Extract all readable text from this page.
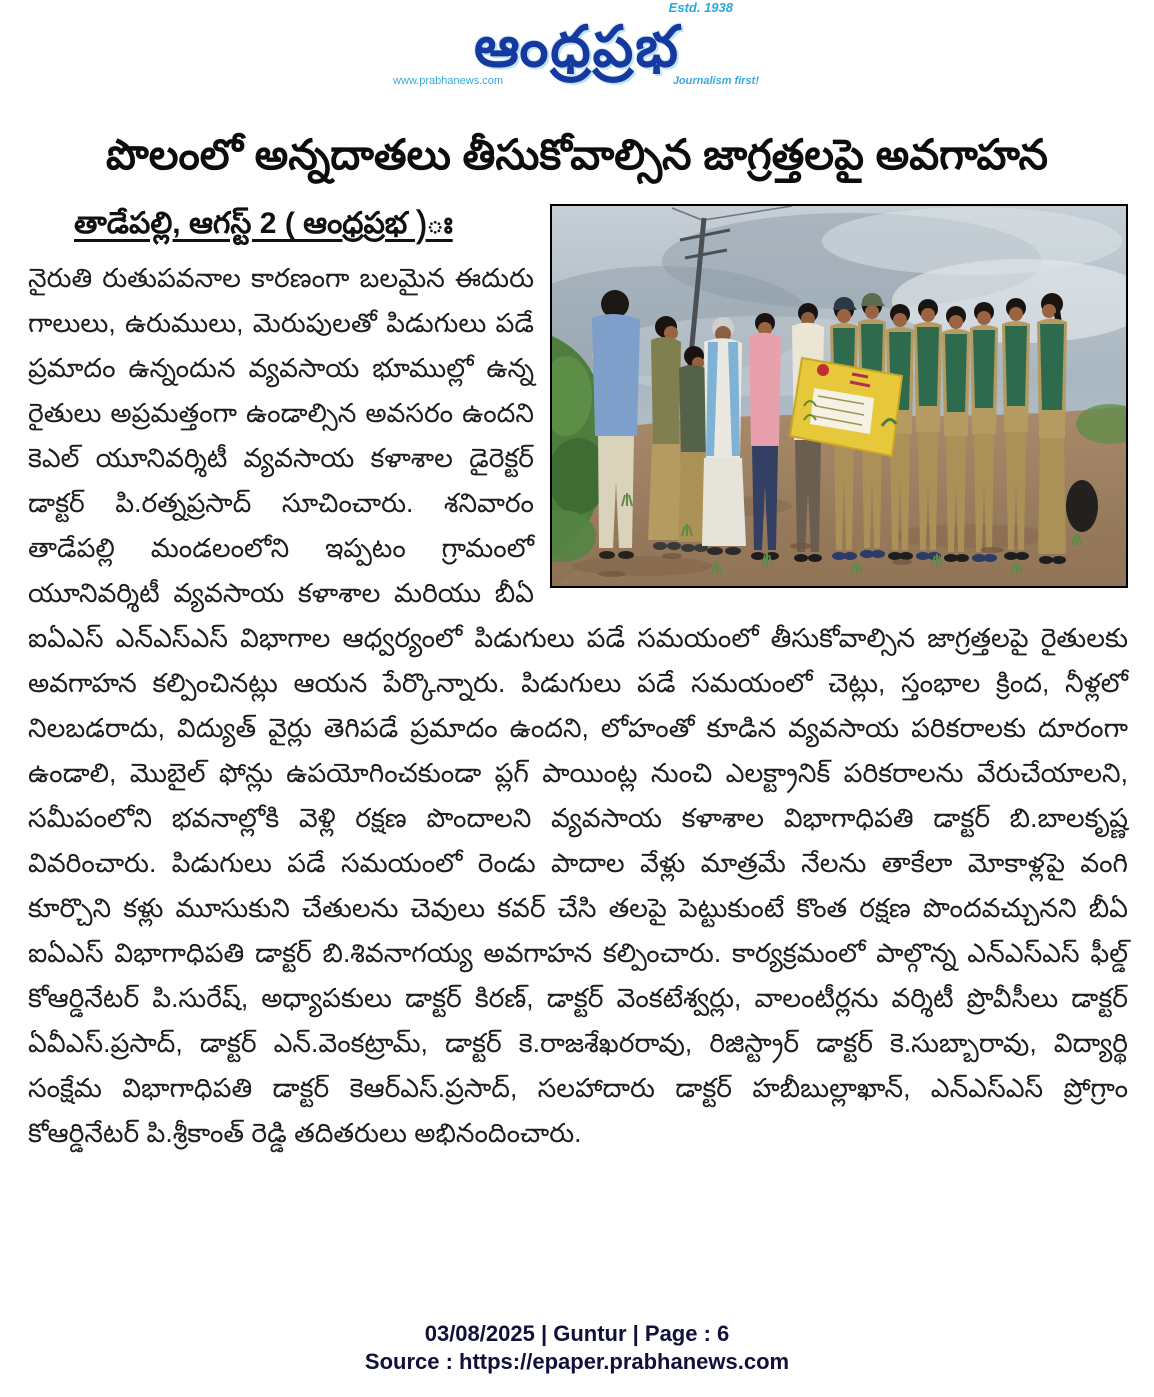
Estd. 1938
ఆంధ్రప్రభ
www.prabhanews.com	Journalism first!
పొలంలో అన్నదాతలు తీసుకోవాల్సిన జాగ్రత్తలపై అవగాహన
తాడేపల్లి, ఆగస్ట్ 2 ( ఆంధ్రప్రభ )ః

నైరుతి రుతుపవనాల కారణంగా బలమైన ఈదురు గాలులు, ఉరుములు, మెరుపులతో పిడుగులు పడే ప్రమాదం ఉన్నందున వ్యవసాయ భూముల్లో ఉన్న రైతులు అప్రమత్తంగా ఉండాల్సిన అవసరం ఉందని కెఎల్ యూనివర్శిటీ వ్యవసాయ కళాశాల డైరెక్టర్ డాక్టర్ పి.రత్నప్రసాద్ సూచించారు. శనివారం తాడేపల్లి మండలంలోని ఇప్పటం గ్రామంలో యూనివర్శిటీ వ్యవసాయ కళాశాల మరియు బీఏ ఐఏఎస్ ఎన్ఎస్ఎస్ విభాగాల ఆధ్వర్యంలో పిడుగులు పడే సమయంలో తీసుకోవాల్సిన జాగ్రత్తలపై రైతులకు అవగాహన కల్పించినట్లు ఆయన పేర్కొన్నారు. పిడుగులు పడే సమయంలో చెట్లు, స్తంభాల క్రింద, నీళ్లలో నిలబడరాదు, విద్యుత్ వైర్లు తెగిపడే ప్రమాదం ఉందని, లోహంతో కూడిన వ్యవసాయ పరికరాలకు దూరంగా ఉండాలి, మొబైల్ ఫోన్లు ఉపయోగించకుండా ప్లగ్ పాయింట్ల నుంచి ఎలక్ట్రానిక్ పరికరాలను వేరుచేయాలని, సమీపంలోని భవనాల్లోకి వెళ్లి రక్షణ పొందాలని వ్యవసాయ కళాశాల విభాగాధిపతి డాక్టర్ బి.బాలకృష్ణ వివరించారు. పిడుగులు పడే సమయంలో రెండు పాదాల వేళ్లు మాత్రమే నేలను తాకేలా మోకాళ్లపై వంగి కూర్చొని కళ్లు మూసుకుని చేతులను చెవులు కవర్ చేసి తలపై పెట్టుకుంటే కొంత రక్షణ పొందవచ్చునని బీఏ ఐఏఎస్ విభాగాధిపతి డాక్టర్ బి.శివనాగయ్య అవగాహన కల్పించారు. కార్యక్రమంలో పాల్గొన్న ఎన్ఎస్ఎస్ ఫీల్డ్ కోఆర్డినేటర్ పి.సురేష్, అధ్యాపకులు డాక్టర్ కిరణ్, డాక్టర్ వెంకటేశ్వర్లు, వాలంటీర్లను వర్శిటీ ప్రొవీసీలు డాక్టర్ ఏవీఎస్.ప్రసాద్, డాక్టర్ ఎన్.వెంకట్రామ్, డాక్టర్ కె.రాజశేఖరరావు, రిజిస్ట్రార్ డాక్టర్ కె.సుబ్బారావు, విద్యార్థి సంక్షేమ విభాగాధిపతి డాక్టర్ కెఆర్ఎస్.ప్రసాద్, సలహాదారు డాక్టర్ హబీబుల్లాఖాన్, ఎన్ఎస్ఎస్ ప్రోగ్రాం కోఆర్డినేటర్ పి.శ్రీకాంత్ రెడ్డి తదితరులు అభినందించారు.

03/08/2025 | Guntur | Page : 6
Source : https://epaper.prabhanews.com
